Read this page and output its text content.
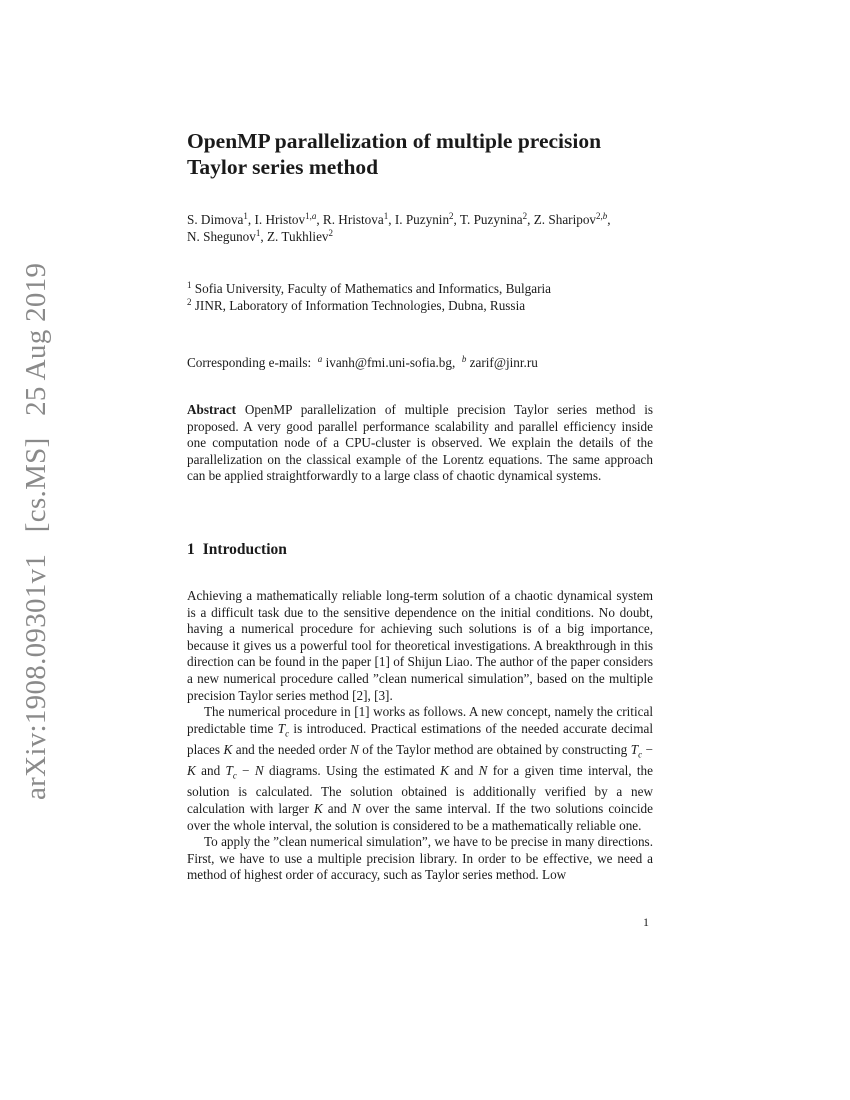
arXiv:1908.09301v1 [cs.MS] 25 Aug 2019
OpenMP parallelization of multiple precision
Taylor series method
S. Dimova$^1$, I. Hristov$^{1,a}$, R. Hristova$^1$, I. Puzynin$^2$, T. Puzynina$^2$, Z. Sharipov$^{2,b}$,
N. Shegunov$^1$, Z. Tukhliev$^2$
$^1$ Sofia University, Faculty of Mathematics and Informatics, Bulgaria
$^2$ JINR, Laboratory of Information Technologies, Dubna, Russia
Corresponding e-mails: $^a$ ivanh@fmi.uni-sofia.bg, $^b$ zarif@jinr.ru
Abstract OpenMP parallelization of multiple precision Taylor series method is proposed. A very good parallel performance scalability and parallel efficiency inside one computation node of a CPU-cluster is observed. We explain the details of the parallelization on the classical example of the Lorentz equations. The same approach can be applied straightforwardly to a large class of chaotic dynamical systems.
1 Introduction

Achieving a mathematically reliable long-term solution of a chaotic dynamical system is a difficult task due to the sensitive dependence on the initial conditions. No doubt, having a numerical procedure for achieving such solutions is of a big importance, because it gives us a powerful tool for theoretical investigations. A breakthrough in this direction can be found in the paper [1] of Shijun Liao. The author of the paper considers a new numerical procedure called ”clean numerical simulation”, based on the multiple precision Taylor series method [2], [3].

The numerical procedure in [1] works as follows. A new concept, namely the critical predictable time $T_c$ is introduced. Practical estimations of the needed accurate decimal places K and the needed order N of the Taylor method are obtained by constructing $T_c - K$ and $T_c - N$ diagrams. Using the estimated K and N for a given time interval, the solution is calculated. The solution obtained is additionally verified by a new calculation with larger K and N over the same interval. If the two solutions coincide over the whole interval, the solution is considered to be a mathematically reliable one.

To apply the ”clean numerical simulation”, we have to be precise in many directions. First, we have to use a multiple precision library. In order to be effective, we need a method of highest order of accuracy, such as Taylor series method. Low

1
